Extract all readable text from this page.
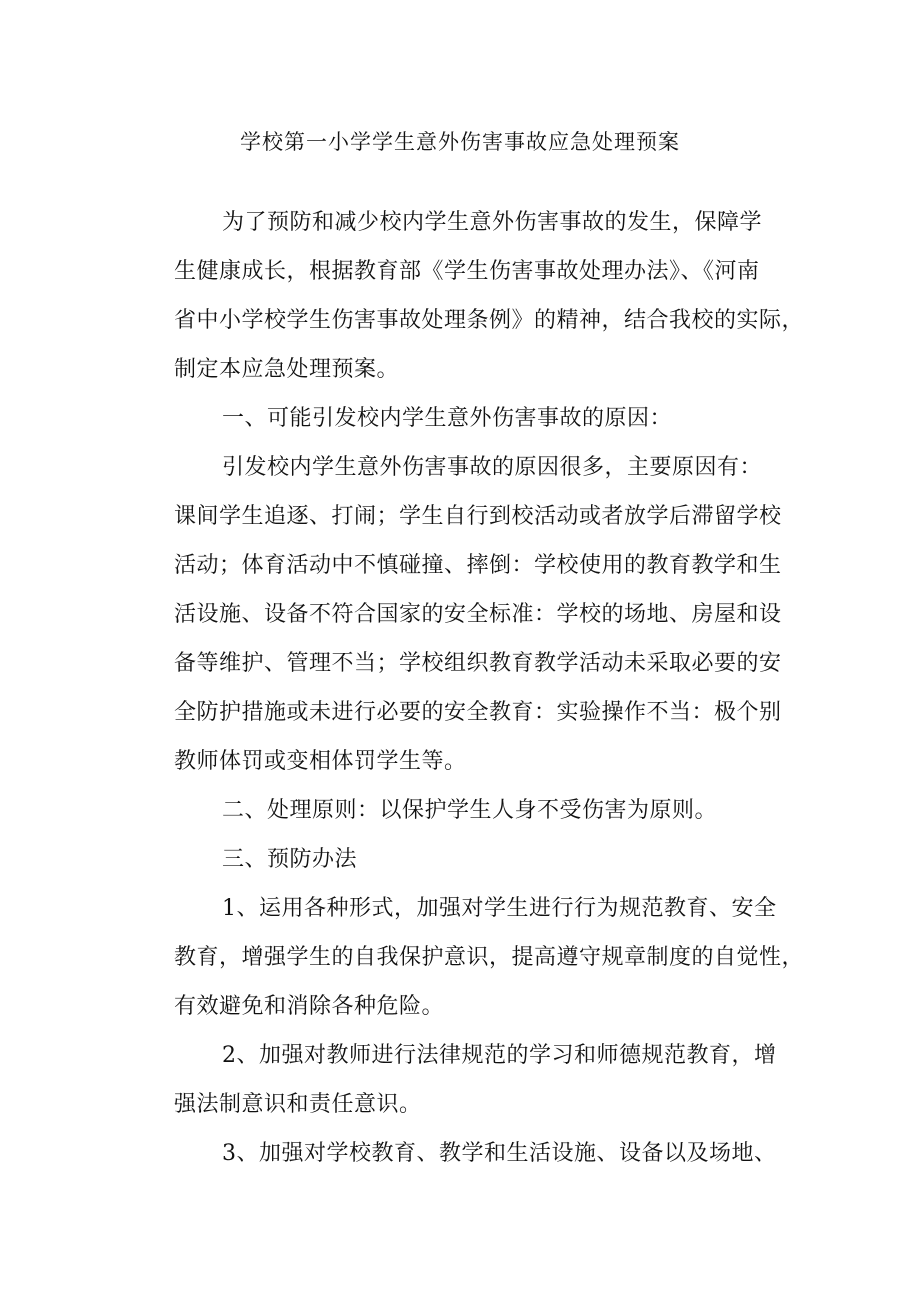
学校第一小学学生意外伤害事故应急处理预案
为了预防和减少校内学生意外伤害事故的发生，保障学
生健康成长，根据教育部《学生伤害事故处理办法》、《河南
省中小学校学生伤害事故处理条例》的精神，结合我校的实际，
制定本应急处理预案。
一、可能引发校内学生意外伤害事故的原因：
引发校内学生意外伤害事故的原因很多，主要原因有：
课间学生追逐、打闹；学生自行到校活动或者放学后滞留学校
活动；体育活动中不慎碰撞、摔倒：学校使用的教育教学和生
活设施、设备不符合国家的安全标准：学校的场地、房屋和设
备等维护、管理不当；学校组织教育教学活动未采取必要的安
全防护措施或未进行必要的安全教育：实验操作不当：极个别
教师体罚或变相体罚学生等。
二、处理原则：以保护学生人身不受伤害为原则。
三、预防办法
1、运用各种形式，加强对学生进行行为规范教育、安全
教育，增强学生的自我保护意识，提高遵守规章制度的自觉性，
有效避免和消除各种危险。
2、加强对教师进行法律规范的学习和师德规范教育，增
强法制意识和责任意识。
3、加强对学校教育、教学和生活设施、设备以及场地、
